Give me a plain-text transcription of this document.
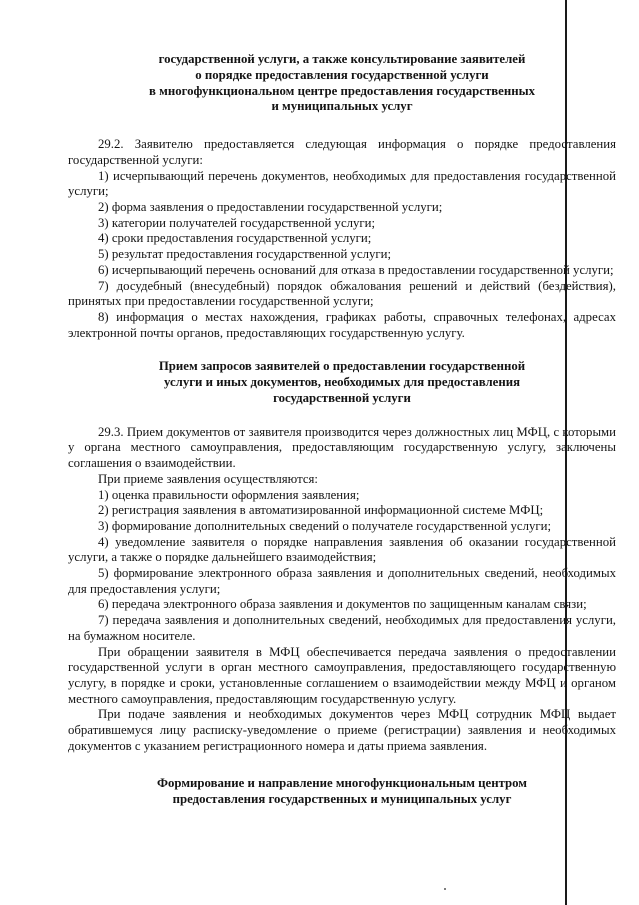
государственной услуги, а также консультирование заявителей
о порядке предоставления государственной услуги
в многофункциональном центре предоставления государственных
и муниципальных услуг

29.2. Заявителю предоставляется следующая информация о порядке предоставления государственной услуги:

1) исчерпывающий перечень документов, необходимых для предоставления государственной услуги;

2) форма заявления о предоставлении государственной услуги;

3) категории получателей государственной услуги;

4) сроки предоставления государственной услуги;

5) результат предоставления государственной услуги;

6) исчерпывающий перечень оснований для отказа в предоставлении государственной услуги;

7) досудебный (внесудебный) порядок обжалования решений и действий (бездействия), принятых при предоставлении государственной услуги;

8) информация о местах нахождения, графиках работы, справочных телефонах, адресах электронной почты органов, предоставляющих государственную услугу.

Прием запросов заявителей о предоставлении государственной
услуги и иных документов, необходимых для предоставления
государственной услуги

29.3. Прием документов от заявителя производится через должностных лиц МФЦ, с которыми у органа местного самоуправления, предоставляющим государственную услугу, заключены соглашения о взаимодействии.

При приеме заявления осуществляются:

1) оценка правильности оформления заявления;

2) регистрация заявления в автоматизированной информационной системе МФЦ;

3) формирование дополнительных сведений о получателе государственной услуги;

4) уведомление заявителя о порядке направления заявления об оказании государственной услуги, а также о порядке дальнейшего взаимодействия;

5) формирование электронного образа заявления и дополнительных сведений, необходимых для предоставления услуги;

6) передача электронного образа заявления и документов по защищенным каналам связи;

7) передача заявления и дополнительных сведений, необходимых для предоставления услуги, на бумажном носителе.

При обращении заявителя в МФЦ обеспечивается передача заявления о предоставлении государственной услуги в орган местного самоуправления, предоставляющего государственную услугу, в порядке и сроки, установленные соглашением о взаимодействии между МФЦ и органом местного самоуправления, предоставляющим государственную услугу.

При подаче заявления и необходимых документов через МФЦ сотрудник МФЦ выдает обратившемуся лицу расписку-уведомление о приеме (регистрации) заявления и необходимых документов с указанием регистрационного номера и даты приема заявления.

Формирование и направление многофункциональным центром
предоставления государственных и муниципальных услуг
